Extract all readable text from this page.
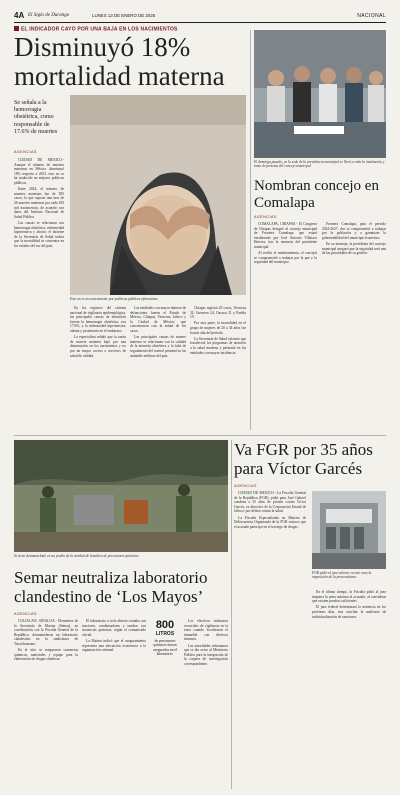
4A El Siglo de Durango	LUNES 13 DE ENERO DE 2025	NACIONAL
EL INDICADOR CAYÓ POR UNA BAJA EN LOS NACIMIENTOS
Disminuyó 18% mortalidad materna
Se señala a la hemorragia obstétrica, como responsable de 17.6% de muertes
AGENCIAS

CIUDAD DE MÉXICO.- Aunque el número de muertes maternas en México disminuyó 18% respecto a 2023, esto no se ha traducido en mejores políticas públicas.

Entre 2024, el número de muertes maternas fue de 585 casos, lo que supone una tasa de 26 muertes maternas por cada 100 mil nacimientos, de acuerdo con datos del Instituto Nacional de Salud Pública.

Las causas se relacionan con hemorragia obstétrica, enfermedad hipertensiva y aborto; el informe de la Secretaría de Salud indica que la mortalidad se concentra en los estados del sur del país.

Este no es necesariamente por políticas públicas afirmativas.

En los registros del sistema nacional de vigilancia epidemiológica, las principales causas de defunción fueron la hemorragia obstétrica, con 17.6%, y la enfermedad hipertensiva, edema y proteinuria en el embarazo.

La especialista señaló que la razón de muerte materna bajó por una disminución en los nacimientos y no por un mayor acceso a servicios de salud de calidad.

Las entidades con mayor número de defunciones fueron el Estado de México, Chiapas, Veracruz, Jalisco y la Ciudad de México, que concentraron casi la mitad de los casos.

Las principales causas de muerte materna se relacionan con la calidad de la atención obstétrica y la falta de seguimiento del control prenatal en las unidades médicas del país.

Chiapas registró 45 casos, Veracruz 32, Guerrero 24, Oaxaca 21 y Puebla 19.

Por otra parte, la mortalidad en el grupo de mujeres de 20 a 34 años fue la más alta del periodo.

La Secretaría de Salud informó que fortalecerá los programas de atención a la salud materna y perinatal en las entidades con mayor incidencia.

El domingo pasado, en la sede de la presidencia municipal se llevó a cabo la instalación y toma de protesta del concejo municipal.
Nombran concejo en Comalapa
AGENCIAS

COMALAPA, CHIAPAS.- El Congreso de Chiapas designó al concejo municipal de Frontera Comalapa, que estará encabezado por José Antonio Villatoro Herrera, tras la renuncia del presidente municipal.

Al recibir el nombramiento, el concejal se comprometió a trabajar por la paz y la seguridad del municipio.

Frontera Comalapa, para el periodo 2024-2027, dos se comprometió a trabajar por la población y a garantizar la gobernabilidad del municipio fronterizo.

En su mensaje, la presidenta del concejo municipal aseguró que la seguridad será una de las prioridades de su gestión.

Se tiene desmantelado en un predio de la entidad de lavadero de precursores químicos.
Va FGR por 35 años para Víctor Garcés
AGENCIAS

CIUDAD DE MÉXICO.- La Fiscalía General de la República (FGR), pidió para José Gabriel condena a 35 años de prisión contra Víctor Garcés, ex directivo de la Corporación Estatal de Jalisco, por delitos contra la salud.

La Fiscalía Especializada en Materia de Delincuencia Organizada de la FGR sostuvo que el acusado participó en el trasiego de drogas.

FGR pidió al juez valorar en este caso la imposición de la pena máxima.

En el último tiempo, la Fiscalía pidió al juez imponer la pena máxima al acusado, al considerar que existen pruebas suficientes.

El juez federal determinará la sentencia en los próximos días, tras concluir la audiencia de individualización de sanciones.

Semar neutraliza laboratorio clandestino de ‘Los Mayos’
AGENCIAS

CULIACÁN, SINALOA.- Elementos de la Secretaría de Marina (Semar), en coordinación con la Fiscalía General de la República, desmantelaron un laboratorio clandestino en la sindicatura de Tacuichamona.

En el sitio se aseguraron sustancias químicas, materiales y equipo para la elaboración de drogas sintéticas.

El laboratorio a cielo abierto contaba con reactores, condensadores y tambos con sustancias químicas, según el comunicado oficial.

La Marina indicó que el aseguramiento representa una afectación económica a la organización criminal.

800
LITROS
de precursores químicos fueron asegurados en el laboratorio.

Los efectivos realizaron recorridos de vigilancia en la zona cuando localizaron el inmueble con diversos insumos.

Las autoridades informaron que se dio aviso al Ministerio Público para la integración de la carpeta de investigación correspondiente.
